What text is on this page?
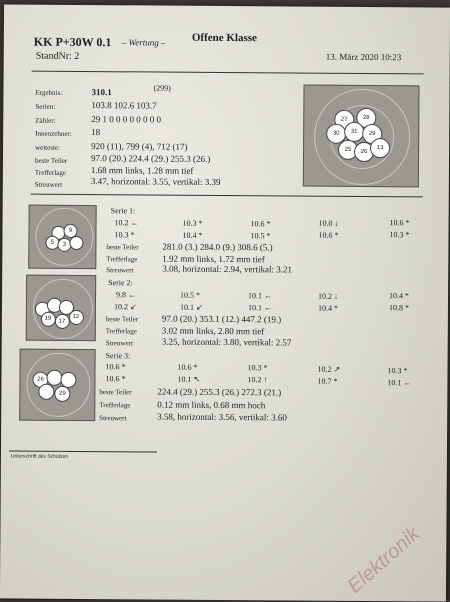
KK P+30W 0.1 – Wertung – Offene Klasse
StandNr: 2	13. März 2020 10:23
Ergebnis:	310.1	(299)
Serien:	103.8 102.6 103.7
Zähler:	29 1 0 0 0 0 0 0 0 0
Innenzehner: 18
weiteste:	920 (11), 799 (4), 712 (17)
beste Teiler	97.0 (20.) 224.4 (29.) 255.3 (26.)
Trefferlage	1.68 mm links, 1.28 mm tief
Streuwert	3.47, horizontal: 3.55, vertikal: 3.39
27	28
30 31 29
25 26
13
9
5 3
Serie 1:
10.2 ←	10.3 *	10.6 *	10.0 ↓	10.6 *
10.3 *	10.4 *	10.5 *	10.6 *	10.3 *
beste Teiler	281.0 (3.) 284.0 (9.) 308.6 (5.)
Trefferlage	1.92 mm links, 1.72 mm tief
Streuwert	3.08, horizontal: 2.94, vertikal: 3.21
17
19	12
Serie 2:
9.8 ←	10.5 *	10.1 ←	10.2 ↓	10.4 *
10.2 ↙	10.1 ↙	10.1 ←	10.4 *	10.8 *
beste Teiler	97.0 (20.) 353.1 (12.) 447.2 (19.)
Trefferlage	3.02 mm links, 2.80 mm tief
Streuwert	3.25, horizontal: 3.80, vertikal: 2.57
26
29
Serie 3:
10.6 *	10.6 *	10.3 *	10.2 ↗	10.3 *
10.6 *	10.1 ↖	10.2 ↑	10.7 *	10.1 ←
beste Teiler	224.4 (29.) 255.3 (26.) 272.3 (21.)
Trefferlage	0.12 mm links, 0.68 mm hoch
Streuwert	3.58, horizontal: 3.56, vertikal: 3.60
Unterschrift des Schützen
Elektronik
